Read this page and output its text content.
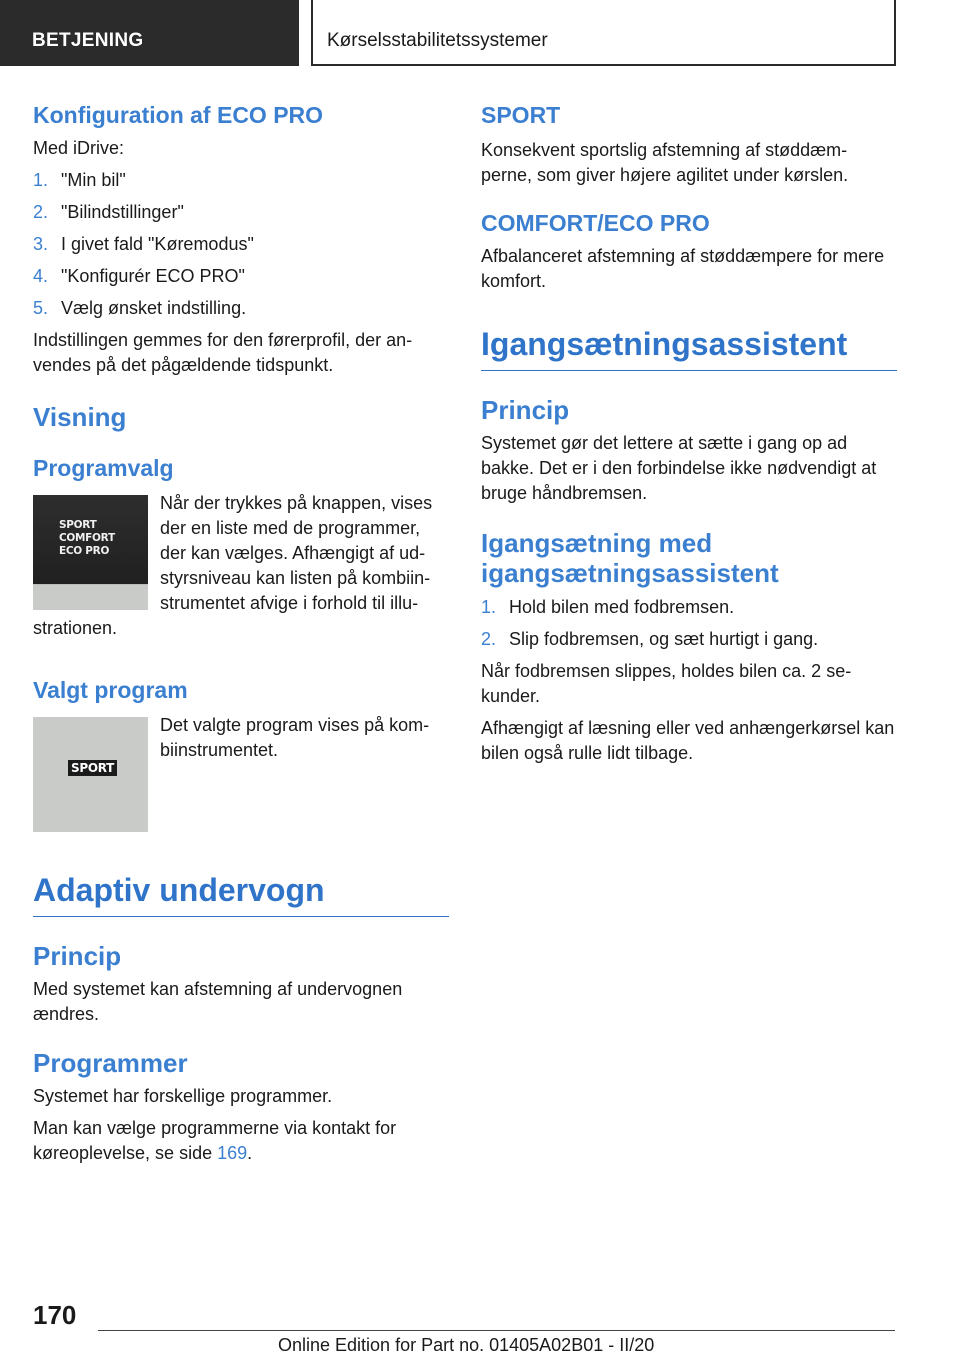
BETJENING	Kørselsstabilitetssystemer
Konfiguration af ECO PRO

Med iDrive:

1. "Min bil"
2. "Bilindstillinger"
3. I givet fald "Køremodus"
4. "Konfigurér ECO PRO"
5. Vælg ønsket indstilling.

Indstillingen gemmes for den førerprofil, der an-vendes på det pågældende tidspunkt.

Visning
Programvalg
SPORT
COMFORT
ECO PRO

Når der trykkes på knappen, vises der en liste med de programmer, der kan vælges. Afhængigt af ud-styrsniveau kan listen på kombiin-strumentet afvige i forhold til illu-strationen.

Valgt program
SPORT

Det valgte program vises på kom-biinstrumentet.

Adaptiv undervogn
Princip

Med systemet kan afstemning af undervognen ændres.

Programmer

Systemet har forskellige programmer.

Man kan vælge programmerne via kontakt for køreoplevelse, se side 169.

SPORT

Konsekvent sportslig afstemning af støddæm-perne, som giver højere agilitet under kørslen.

COMFORT/ECO PRO

Afbalanceret afstemning af støddæmpere for mere komfort.

Igangsætningsassistent
Princip

Systemet gør det lettere at sætte i gang op ad bakke. Det er i den forbindelse ikke nødvendigt at bruge håndbremsen.

Igangsætning med igangsætningsassistent
1. Hold bilen med fodbremsen.
2. Slip fodbremsen, og sæt hurtigt i gang.

Når fodbremsen slippes, holdes bilen ca. 2 se-kunder.

Afhængigt af læsning eller ved anhængerkørsel kan bilen også rulle lidt tilbage.

170
Online Edition for Part no. 01405A02B01 - II/20
